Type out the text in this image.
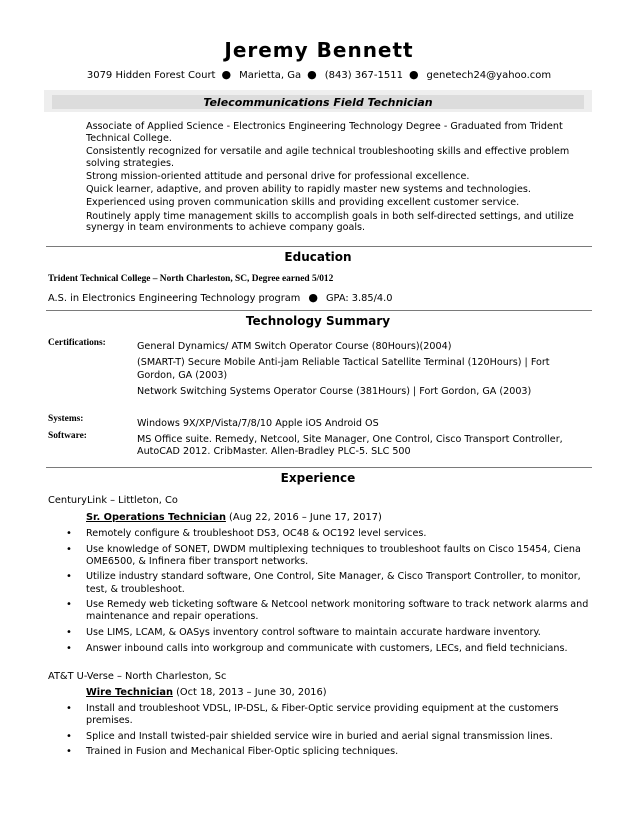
Jeremy Bennett
3079 Hidden Forest Court ● Marietta, Ga ● (843) 367-1511 ● genetech24@yahoo.com
Telecommunications Field Technician

Associate of Applied Science - Electronics Engineering Technology Degree - Graduated from Trident Technical College.

Consistently recognized for versatile and agile technical troubleshooting skills and effective problem solving strategies.

Strong mission-oriented attitude and personal drive for professional excellence.

Quick learner, adaptive, and proven ability to rapidly master new systems and technologies.

Experienced using proven communication skills and providing excellent customer service.

Routinely apply time management skills to accomplish goals in both self-directed settings, and utilize synergy in team environments to achieve company goals.

Education
Trident Technical College – North Charleston, SC, Degree earned 5/012
A.S. in Electronics Engineering Technology program ● GPA: 3.85/4.0
Technology Summary
Certifications:	General Dynamics/ ATM Switch Operator Course (80Hours)(2004)

(SMART-T) Secure Mobile Anti-jam Reliable Tactical Satellite Terminal (120Hours) | Fort Gordon, GA (2003)

Network Switching Systems Operator Course (381Hours) | Fort Gordon, GA (2003)

Systems:	Windows 9X/XP/Vista/7/8/10 Apple iOS Android OS
Software:	MS Office suite. Remedy, Netcool, Site Manager, One Control, Cisco Transport Controller, AutoCAD 2012. CribMaster. Allen-Bradley PLC-5. SLC 500
Experience
CenturyLink – Littleton, Co
Sr. Operations Technician (Aug 22, 2016 – June 17, 2017)
• Remotely configure & troubleshoot DS3, OC48 & OC192 level services.
• Use knowledge of SONET, DWDM multiplexing techniques to troubleshoot faults on Cisco 15454, Ciena OME6500, & Infinera fiber transport networks.
• Utilize industry standard software, One Control, Site Manager, & Cisco Transport Controller, to monitor, test, & troubleshoot.
• Use Remedy web ticketing software & Netcool network monitoring software to track network alarms and maintenance and repair operations.
• Use LIMS, LCAM, & OASys inventory control software to maintain accurate hardware inventory.
• Answer inbound calls into workgroup and communicate with customers, LECs, and field technicians.
AT&T U-Verse – North Charleston, Sc
Wire Technician (Oct 18, 2013 – June 30, 2016)
• Install and troubleshoot VDSL, IP-DSL, & Fiber-Optic service providing equipment at the customers premises.
• Splice and Install twisted-pair shielded service wire in buried and aerial signal transmission lines.
• Trained in Fusion and Mechanical Fiber-Optic splicing techniques.
